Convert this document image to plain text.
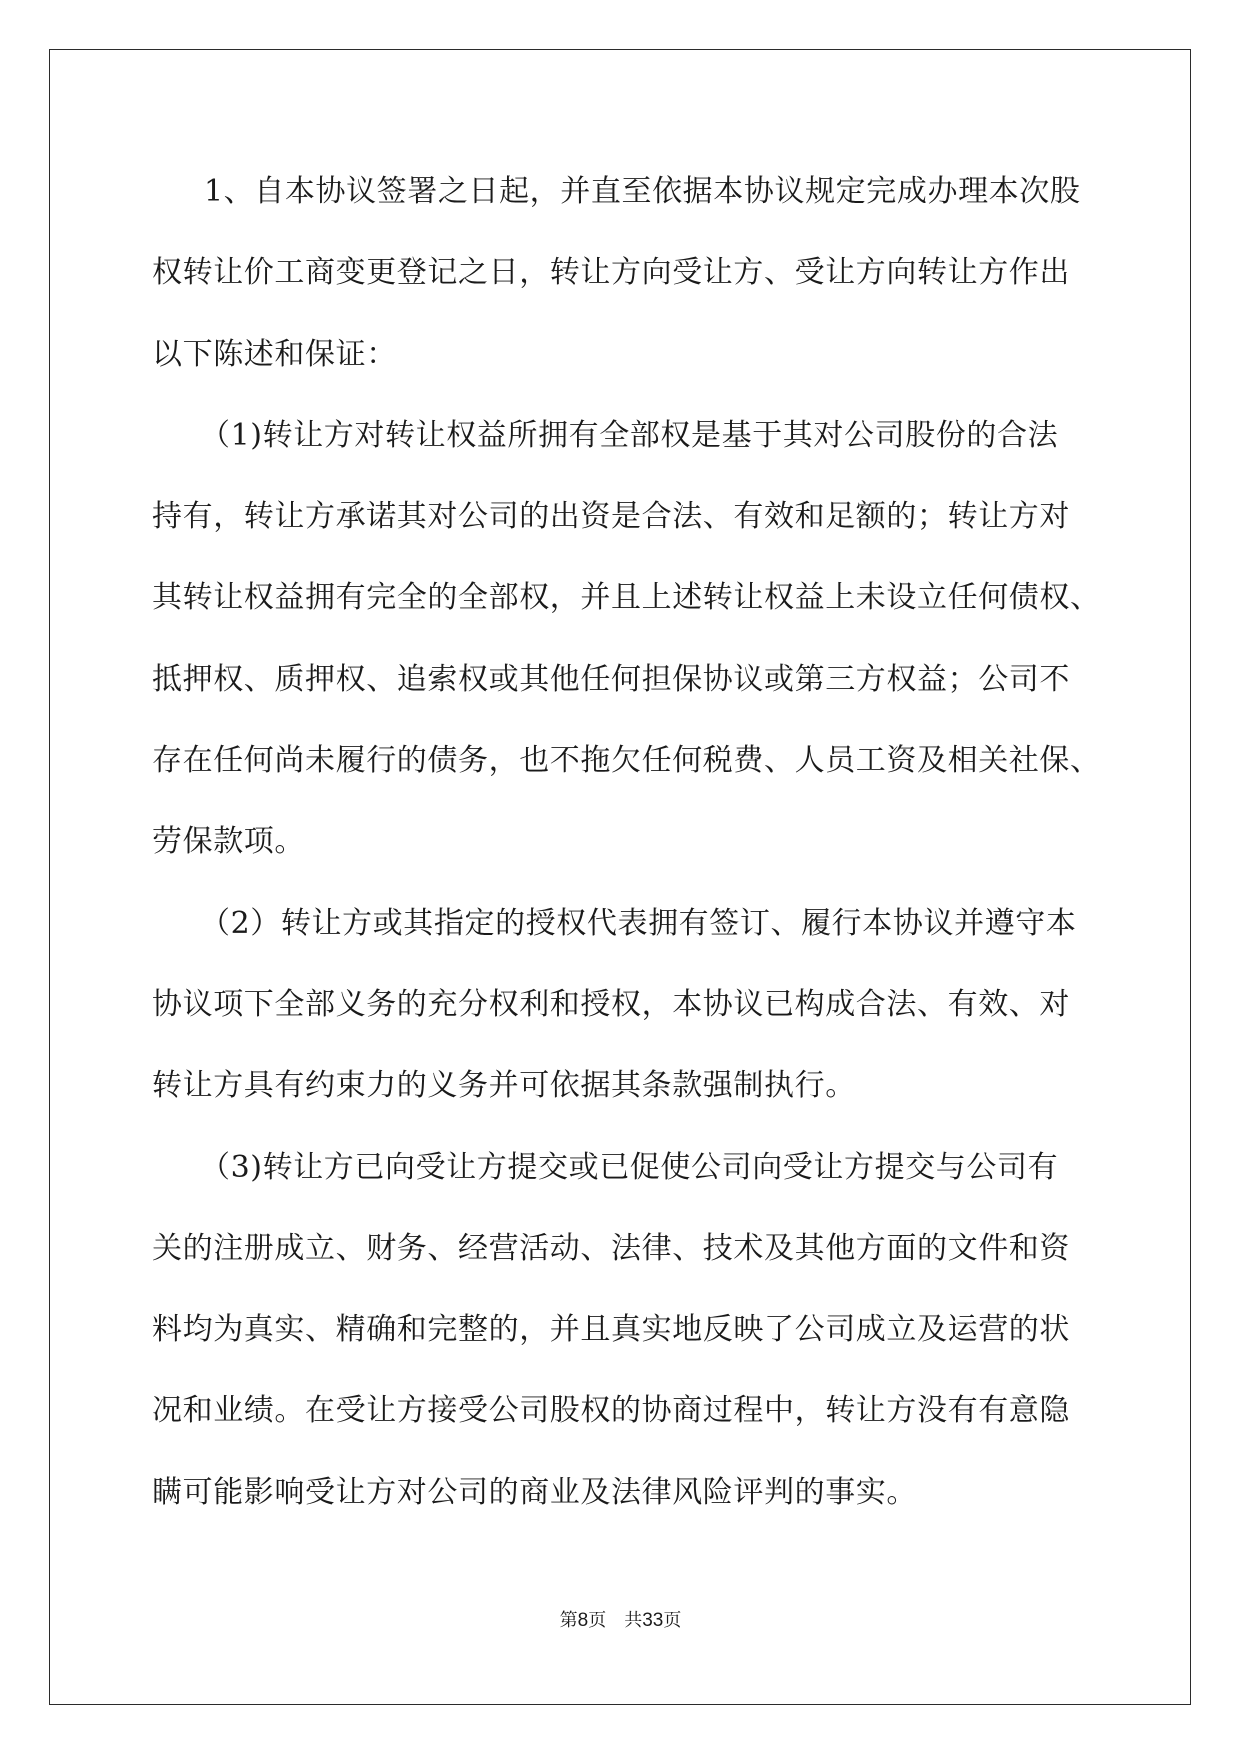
1、自本协议签署之日起，并直至依据本协议规定完成办理本次股
权转让价工商变更登记之日，转让方向受让方、受让方向转让方作出
以下陈述和保证：
（1)转让方对转让权益所拥有全部权是基于其对公司股份的合法
持有，转让方承诺其对公司的出资是合法、有效和足额的；转让方对
其转让权益拥有完全的全部权，并且上述转让权益上未设立任何债权、
抵押权、质押权、追索权或其他任何担保协议或第三方权益；公司不
存在任何尚未履行的债务，也不拖欠任何税费、人员工资及相关社保、
劳保款项。
（2）转让方或其指定的授权代表拥有签订、履行本协议并遵守本
协议项下全部义务的充分权利和授权，本协议已构成合法、有效、对
转让方具有约束力的义务并可依据其条款强制执行。
（3)转让方已向受让方提交或已促使公司向受让方提交与公司有
关的注册成立、财务、经营活动、法律、技术及其他方面的文件和资
料均为真实、精确和完整的，并且真实地反映了公司成立及运营的状
况和业绩。在受让方接受公司股权的协商过程中，转让方没有有意隐
瞒可能影响受让方对公司的商业及法律风险评判的事实。
第8页　共33页
